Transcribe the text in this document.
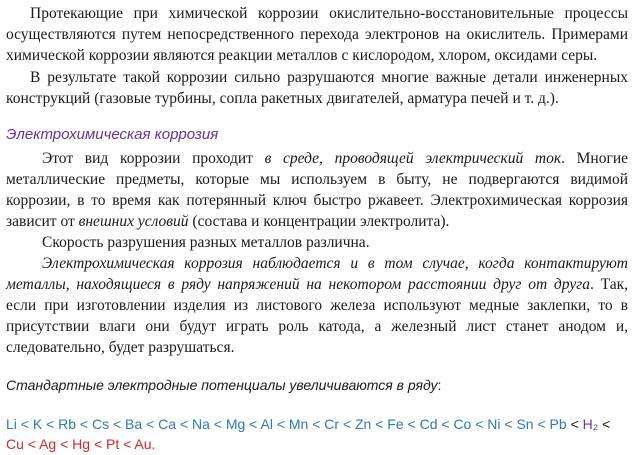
Протекающие при химической коррозии окислительно-восстановительные процессы осуществляются путем непосредственного перехода электронов на окислитель. Примерами химической коррозии являются реакции металлов с кислородом, хлором, оксидами серы.

В результате такой коррозии сильно разрушаются многие важные детали инженерных конструкций (газовые турбины, сопла ракетных двигателей, арматура печей и т. д.).

Электрохимическая коррозия

Этот вид коррозии проходит в среде, проводящей электрический ток. Многие металлические предметы, которые мы используем в быту, не подвергаются видимой коррозии, в то время как потерянный ключ быстро ржавеет. Электрохимическая коррозия зависит от внешних условий (состава и концентрации электролита).

Скорость разрушения разных металлов различна.

Электрохимическая коррозия наблюдается и в том случае, когда контактируют металлы, находящиеся в ряду напряжений на некотором расстоянии друг от друга. Так, если при изготовлении изделия из листового железа используют медные заклепки, то в присутствии влаги они будут играть роль катода, а железный лист станет анодом и, следовательно, будет разрушаться.

Стандартные электродные потенциалы увеличиваются в ряду:

Li < K < Rb < Cs < Ba < Ca < Na < Mg < Al < Mn < Cr < Zn < Fe < Cd < Co < Ni < Sn < Pb < H₂ < Cu < Ag < Hg < Pt < Au.
